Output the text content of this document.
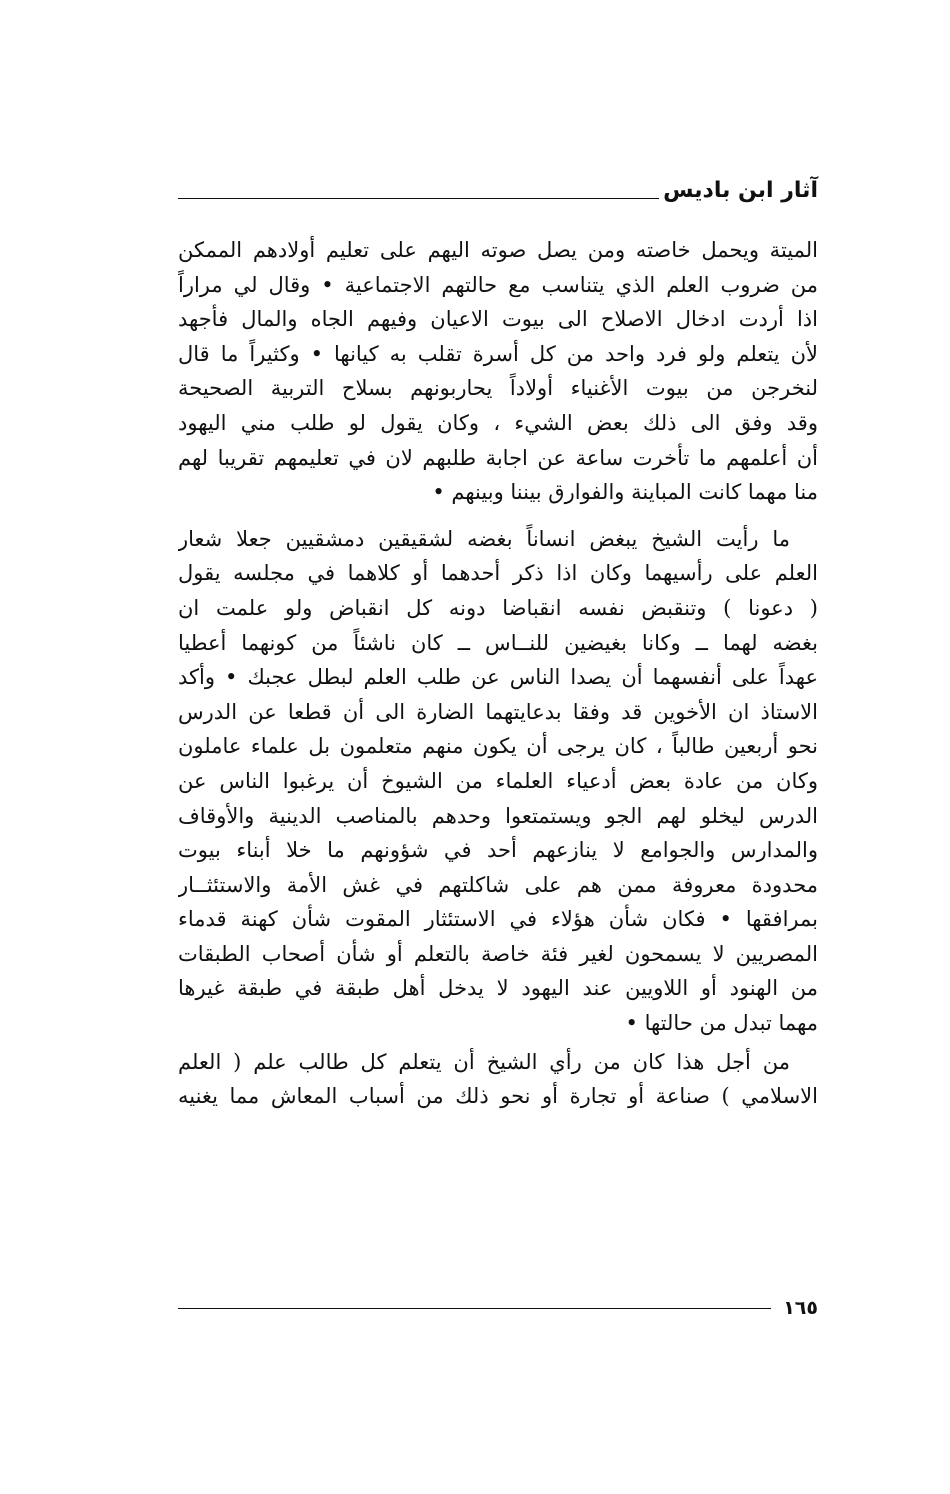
آثار ابن باديس
الميتة ويحمل خاصته ومن يصل صوته اليهم على تعليم أولادهم الممكن
من ضروب العلم الذي يتناسب مع حالتهم الاجتماعية • وقال لي مراراً
اذا أردت ادخال الاصلاح الى بيوت الاعيان وفيهم الجاه والمال فأجهد
لأن يتعلم ولو فرد واحد من كل أسرة تقلب به كيانها • وكثيراً ما قال
لنخرجن من بيوت الأغنياء أولاداً يحاربونهم بسلاح التربية الصحيحة
وقد وفق الى ذلك بعض الشيء ، وكان يقول لو طلب مني اليهود
أن أعلمهم ما تأخرت ساعة عن اجابة طلبهم لان في تعليمهم تقريبا لهم
منا مهما كانت المباينة والفوارق بيننا وبينهم •
ما رأيت الشيخ يبغض انساناً بغضه لشقيقين دمشقيين جعلا شعار
العلم على رأسيهما وكان اذا ذكر أحدهما أو كلاهما في مجلسه يقول
( دعونا ) وتنقبض نفسه انقباضا دونه كل انقباض ولو علمت ان
بغضه لهما ــ وكانا بغيضين للنــاس ــ كان ناشئاً من كونهما أعطيا
عهداً على أنفسهما أن يصدا الناس عن طلب العلم لبطل عجبك • وأكد
الاستاذ ان الأخوين قد وفقا بدعايتهما الضارة الى أن قطعا عن الدرس
نحو أربعين طالباً ، كان يرجى أن يكون منهم متعلمون بل علماء عاملون
وكان من عادة بعض أدعياء العلماء من الشيوخ أن يرغبوا الناس عن
الدرس ليخلو لهم الجو ويستمتعوا وحدهم بالمناصب الدينية والأوقاف
والمدارس والجوامع لا ينازعهم أحد في شؤونهم ما خلا أبناء بيوت
محدودة معروفة ممن هم على شاكلتهم في غش الأمة والاستئثــار
بمرافقها • فكان شأن هؤلاء في الاستئثار المقوت شأن كهنة قدماء
المصريين لا يسمحون لغير فئة خاصة بالتعلم أو شأن أصحاب الطبقات
من الهنود أو اللاويين عند اليهود لا يدخل أهل طبقة في طبقة غيرها
مهما تبدل من حالتها •
من أجل هذا كان من رأي الشيخ أن يتعلم كل طالب علم ( العلم
الاسلامي ) صناعة أو تجارة أو نحو ذلك من أسباب المعاش مما يغنيه
١٦٥
